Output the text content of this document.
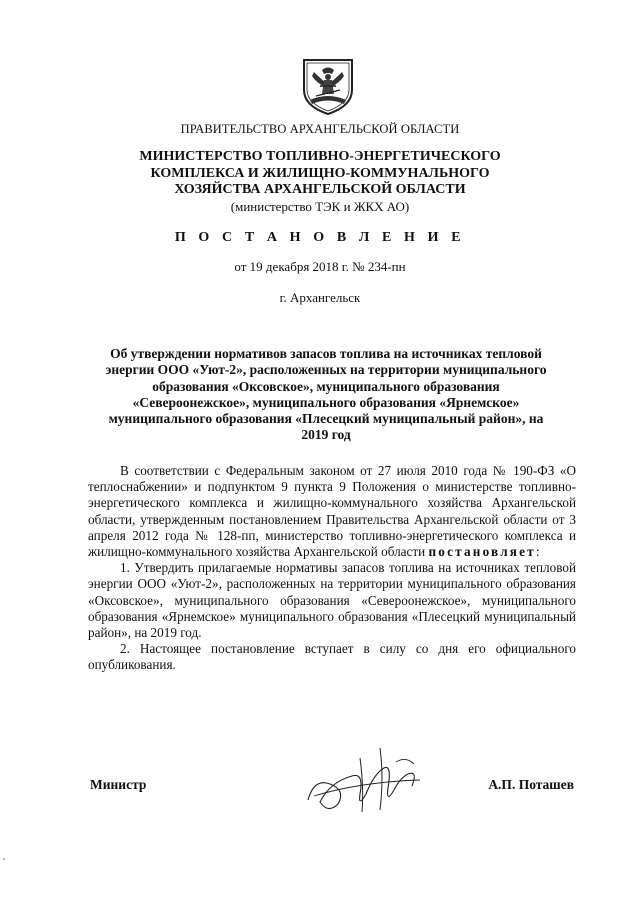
ПРАВИТЕЛЬСТВО АРХАНГЕЛЬСКОЙ ОБЛАСТИ
МИНИСТЕРСТВО ТОПЛИВНО-ЭНЕРГЕТИЧЕСКОГО
КОМПЛЕКСА И ЖИЛИЩНО-КОММУНАЛЬНОГО
ХОЗЯЙСТВА АРХАНГЕЛЬСКОЙ ОБЛАСТИ
(министерство ТЭК и ЖКХ АО)
П О С Т А Н О В Л Е Н И Е
от 19 декабря 2018 г. № 234-пн
г. Архангельск
Об утверждении нормативов запасов топлива на источниках тепловой
энергии ООО «Уют-2», расположенных на территории муниципального
образования «Оксовское», муниципального образования
«Североонежское», муниципального образования «Ярнемское»
муниципального образования «Плесецкий муниципальный район», на
2019 год

В соответствии с Федеральным законом от 27 июля 2010 года № 190-ФЗ «О теплоснабжении» и подпунктом 9 пункта 9 Положения о министерстве топливно-энергетического комплекса и жилищно-коммунального хозяйства Архангельской области, утвержденным постановлением Правительства Архангельской области от 3 апреля 2012 года № 128-пп, министерство топливно-энергетического комплекса и жилищно-коммунального хозяйства Архангельской области постановляет:

1. Утвердить прилагаемые нормативы запасов топлива на источниках тепловой энергии ООО «Уют-2», расположенных на территории муниципального образования «Оксовское», муниципального образования «Североонежское», муниципального образования «Ярнемское» муниципального образования «Плесецкий муниципальный район», на 2019 год.

2. Настоящее постановление вступает в силу со дня его официального опубликования.

Министр	А.П. Поташев
